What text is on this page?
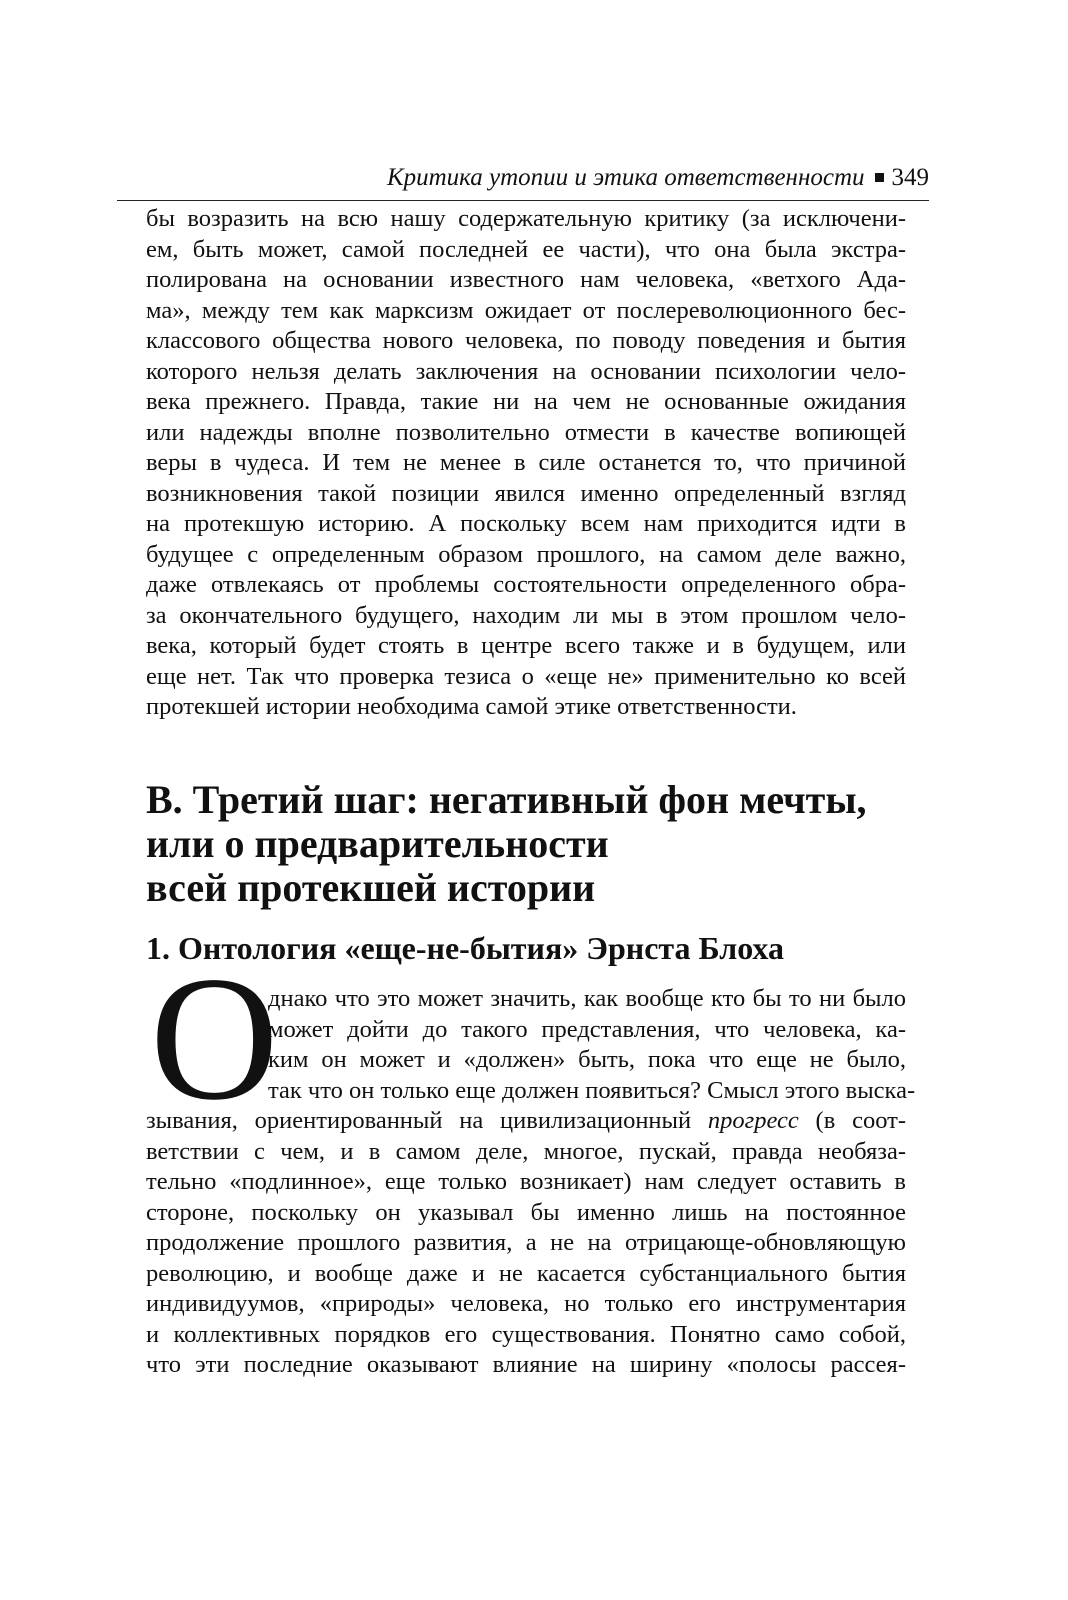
Критика утопии и этика ответственности 349

бы возразить на всю нашу содержательную критику (за исключени-
ем, быть может, самой последней ее части), что она была экстра-
полирована на основании известного нам человека, «ветхого Ада-
ма», между тем как марксизм ожидает от послереволюционного бес-
классового общества нового человека, по поводу поведения и бытия
которого нельзя делать заключения на основании психологии чело-
века прежнего. Правда, такие ни на чем не основанные ожидания
или надежды вполне позволительно отмести в качестве вопиющей
веры в чудеса. И тем не менее в силе останется то, что причиной
возникновения такой позиции явился именно определенный взгляд
на протекшую историю. А поскольку всем нам приходится идти в
будущее с определенным образом прошлого, на самом деле важно,
даже отвлекаясь от проблемы состоятельности определенного обра-
за окончательного будущего, находим ли мы в этом прошлом чело-
века, который будет стоять в центре всего также и в будущем, или
еще нет. Так что проверка тезиса о «еще не» применительно ко всей
протекшей истории необходима самой этике ответственности.

B. Третий шаг: негативный фон мечты,
или о предварительности
всей протекшей истории
1. Онтология «еще-не-бытия» Эрнста Блоха
О

днако что это может значить, как вообще кто бы то ни было
может дойти до такого представления, что человека, ка-
ким он может и «должен» быть, пока что еще не было,
так что он только еще должен появиться? Смысл этого выска-

зывания, ориентированный на цивилизационный прогресс (в соот-
ветствии с чем, и в самом деле, многое, пускай, правда необяза-
тельно «подлинное», еще только возникает) нам следует оставить в
стороне, поскольку он указывал бы именно лишь на постоянное
продолжение прошлого развития, а не на отрицающе-обновляющую
революцию, и вообще даже и не касается субстанциального бытия
индивидуумов, «природы» человека, но только его инструментария
и коллективных порядков его существования. Понятно само собой,
что эти последние оказывают влияние на ширину «полосы рассея-
